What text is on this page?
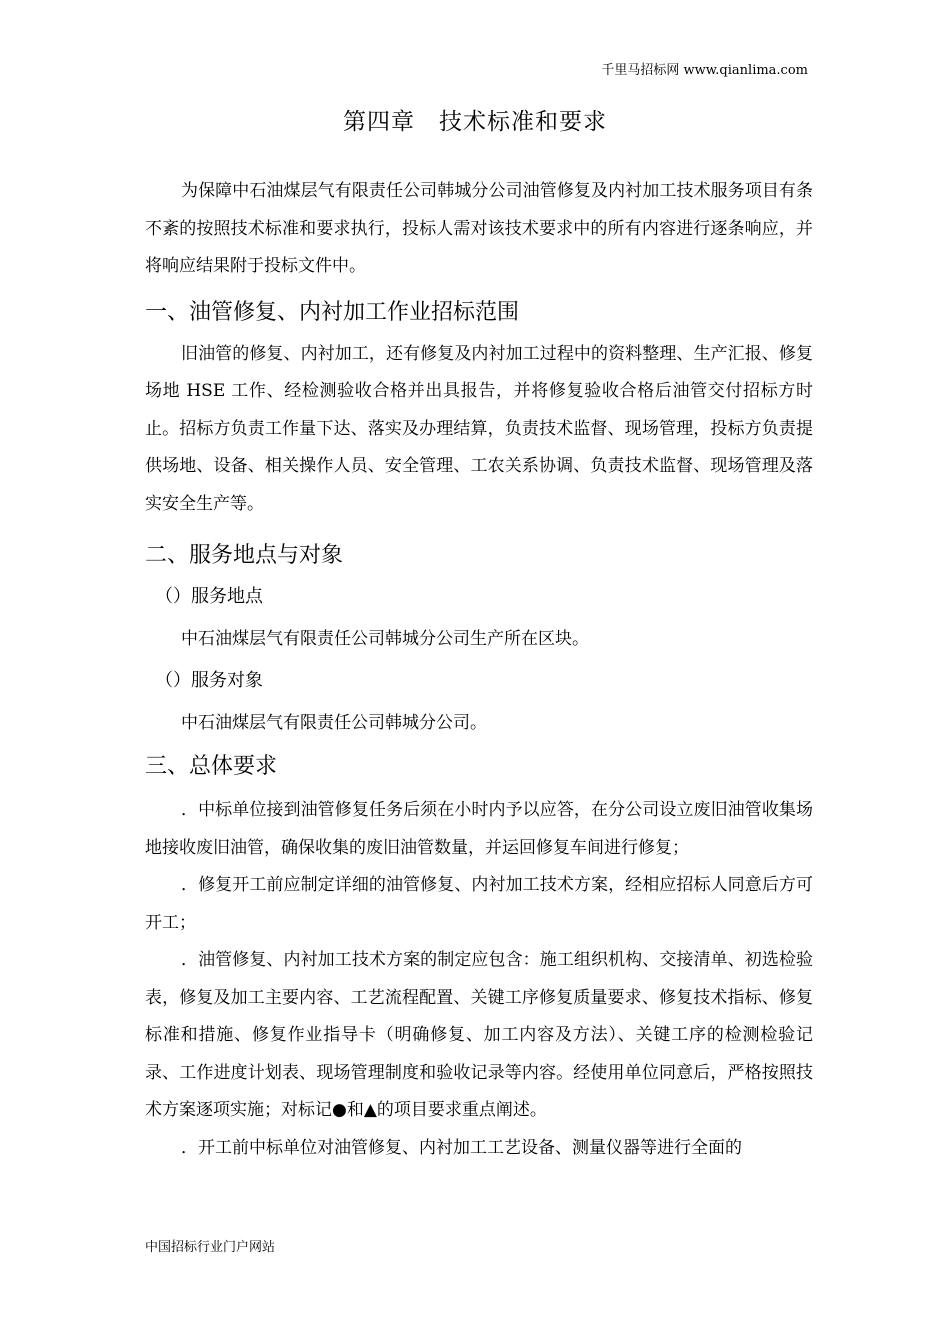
千里马招标网 www.qianlima.com
第四章　技术标准和要求

为保障中石油煤层气有限责任公司韩城分公司油管修复及内衬加工技术服务项目有条不紊的按照技术标准和要求执行，投标人需对该技术要求中的所有内容进行逐条响应，并将响应结果附于投标文件中。

一、油管修复、内衬加工作业招标范围

旧油管的修复、内衬加工，还有修复及内衬加工过程中的资料整理、生产汇报、修复场地 HSE 工作、经检测验收合格并出具报告，并将修复验收合格后油管交付招标方时止。招标方负责工作量下达、落实及办理结算，负责技术监督、现场管理，投标方负责提供场地、设备、相关操作人员、安全管理、工农关系协调、负责技术监督、现场管理及落实安全生产等。

二、服务地点与对象
（）服务地点

中石油煤层气有限责任公司韩城分公司生产所在区块。

（）服务对象

中石油煤层气有限责任公司韩城分公司。

三、总体要求

．中标单位接到油管修复任务后须在小时内予以应答，在分公司设立废旧油管收集场地接收废旧油管，确保收集的废旧油管数量，并运回修复车间进行修复；

．修复开工前应制定详细的油管修复、内衬加工技术方案，经相应招标人同意后方可开工；

．油管修复、内衬加工技术方案的制定应包含：施工组织机构、交接清单、初选检验表，修复及加工主要内容、工艺流程配置、关键工序修复质量要求、修复技术指标、修复标准和措施、修复作业指导卡（明确修复、加工内容及方法）、关键工序的检测检验记录、工作进度计划表、现场管理制度和验收记录等内容。经使用单位同意后，严格按照技术方案逐项实施；对标记●和▲的项目要求重点阐述。

．开工前中标单位对油管修复、内衬加工工艺设备、测量仪器等进行全面的

中国招标行业门户网站
